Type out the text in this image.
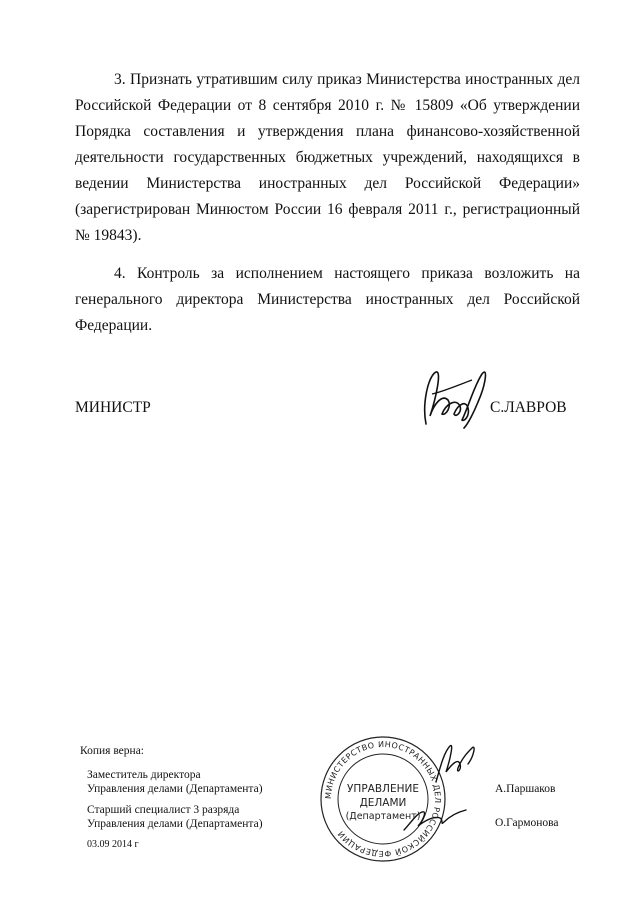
3. Признать утратившим силу приказ Министерства иностранных дел Российской Федерации от 8 сентября 2010 г. № 15809 «Об утверждении Порядка составления и утверждения плана финансово-хозяйственной деятельности государственных бюджетных учреждений, находящихся в ведении Министерства иностранных дел Российской Федерации» (зарегистрирован Минюстом России 16 февраля 2011 г., регистрационный № 19843).
4. Контроль за исполнением настоящего приказа возложить на генерального директора Министерства иностранных дел Российской Федерации.
МИНИСТР	С.ЛАВРОВ
Копия верна:
Заместитель директора
Управления делами (Департамента)
Старший специалист 3 разряда
Управления делами (Департамента)
03.09 2014 г
МИНИСТЕРСТВО ИНОСТРАННЫХ ДЕЛ РОССИЙСКОЙ ФЕДЕРАЦИИ
УПРАВЛЕНИЕ
ДЕЛАМИ
(Департамент)
А.Паршаков
О.Гармонова
